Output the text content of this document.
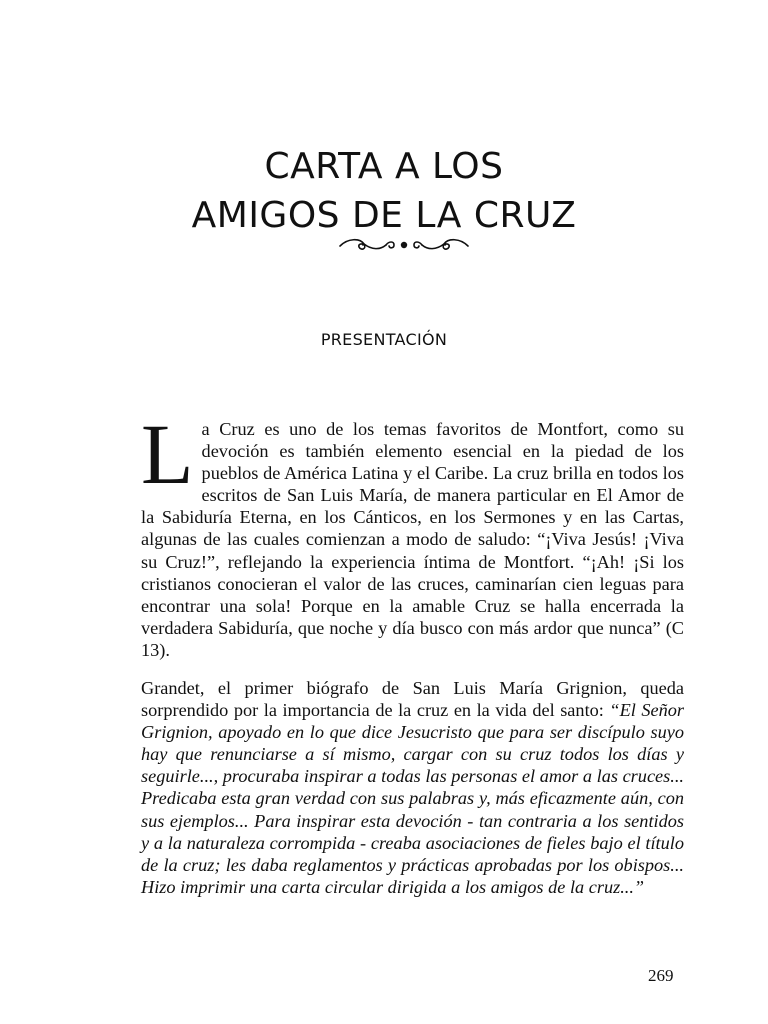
CARTA A LOS
AMIGOS DE LA CRUZ
PRESENTACIÓN
La Cruz es uno de los temas favoritos de Montfort, como su devoción es también elemento esencial en la piedad de los pueblos de América Latina y el Caribe. La cruz brilla en todos los escritos de San Luis María, de manera particular en El Amor de la Sabiduría Eterna, en los Cánticos, en los Sermones y en las Cartas, algunas de las cuales comienzan a modo de saludo: “¡Viva Jesús! ¡Viva su Cruz!”, reflejando la experiencia íntima de Montfort. “¡Ah! ¡Si los cristianos conocieran el valor de las cruces, caminarían cien leguas para encontrar una sola! Porque en la amable Cruz se halla encerrada la verdadera Sabiduría, que noche y día busco con más ardor que nunca” (C 13).
Grandet, el primer biógrafo de San Luis María Grignion, queda sorprendido por la importancia de la cruz en la vida del santo: “El Señor Grignion, apoyado en lo que dice Jesucristo que para ser discípulo suyo hay que renunciarse a sí mismo, cargar con su cruz todos los días y seguirle..., procuraba inspirar a todas las personas el amor a las cruces... Predicaba esta gran verdad con sus palabras y, más eficazmente aún, con sus ejemplos... Para inspirar esta devoción - tan contraria a los sentidos y a la naturaleza corrompida - creaba asociaciones de fieles bajo el título de la cruz; les daba reglamentos y prácticas aprobadas por los obispos... Hizo imprimir una carta circular dirigida a los amigos de la cruz...”
269
